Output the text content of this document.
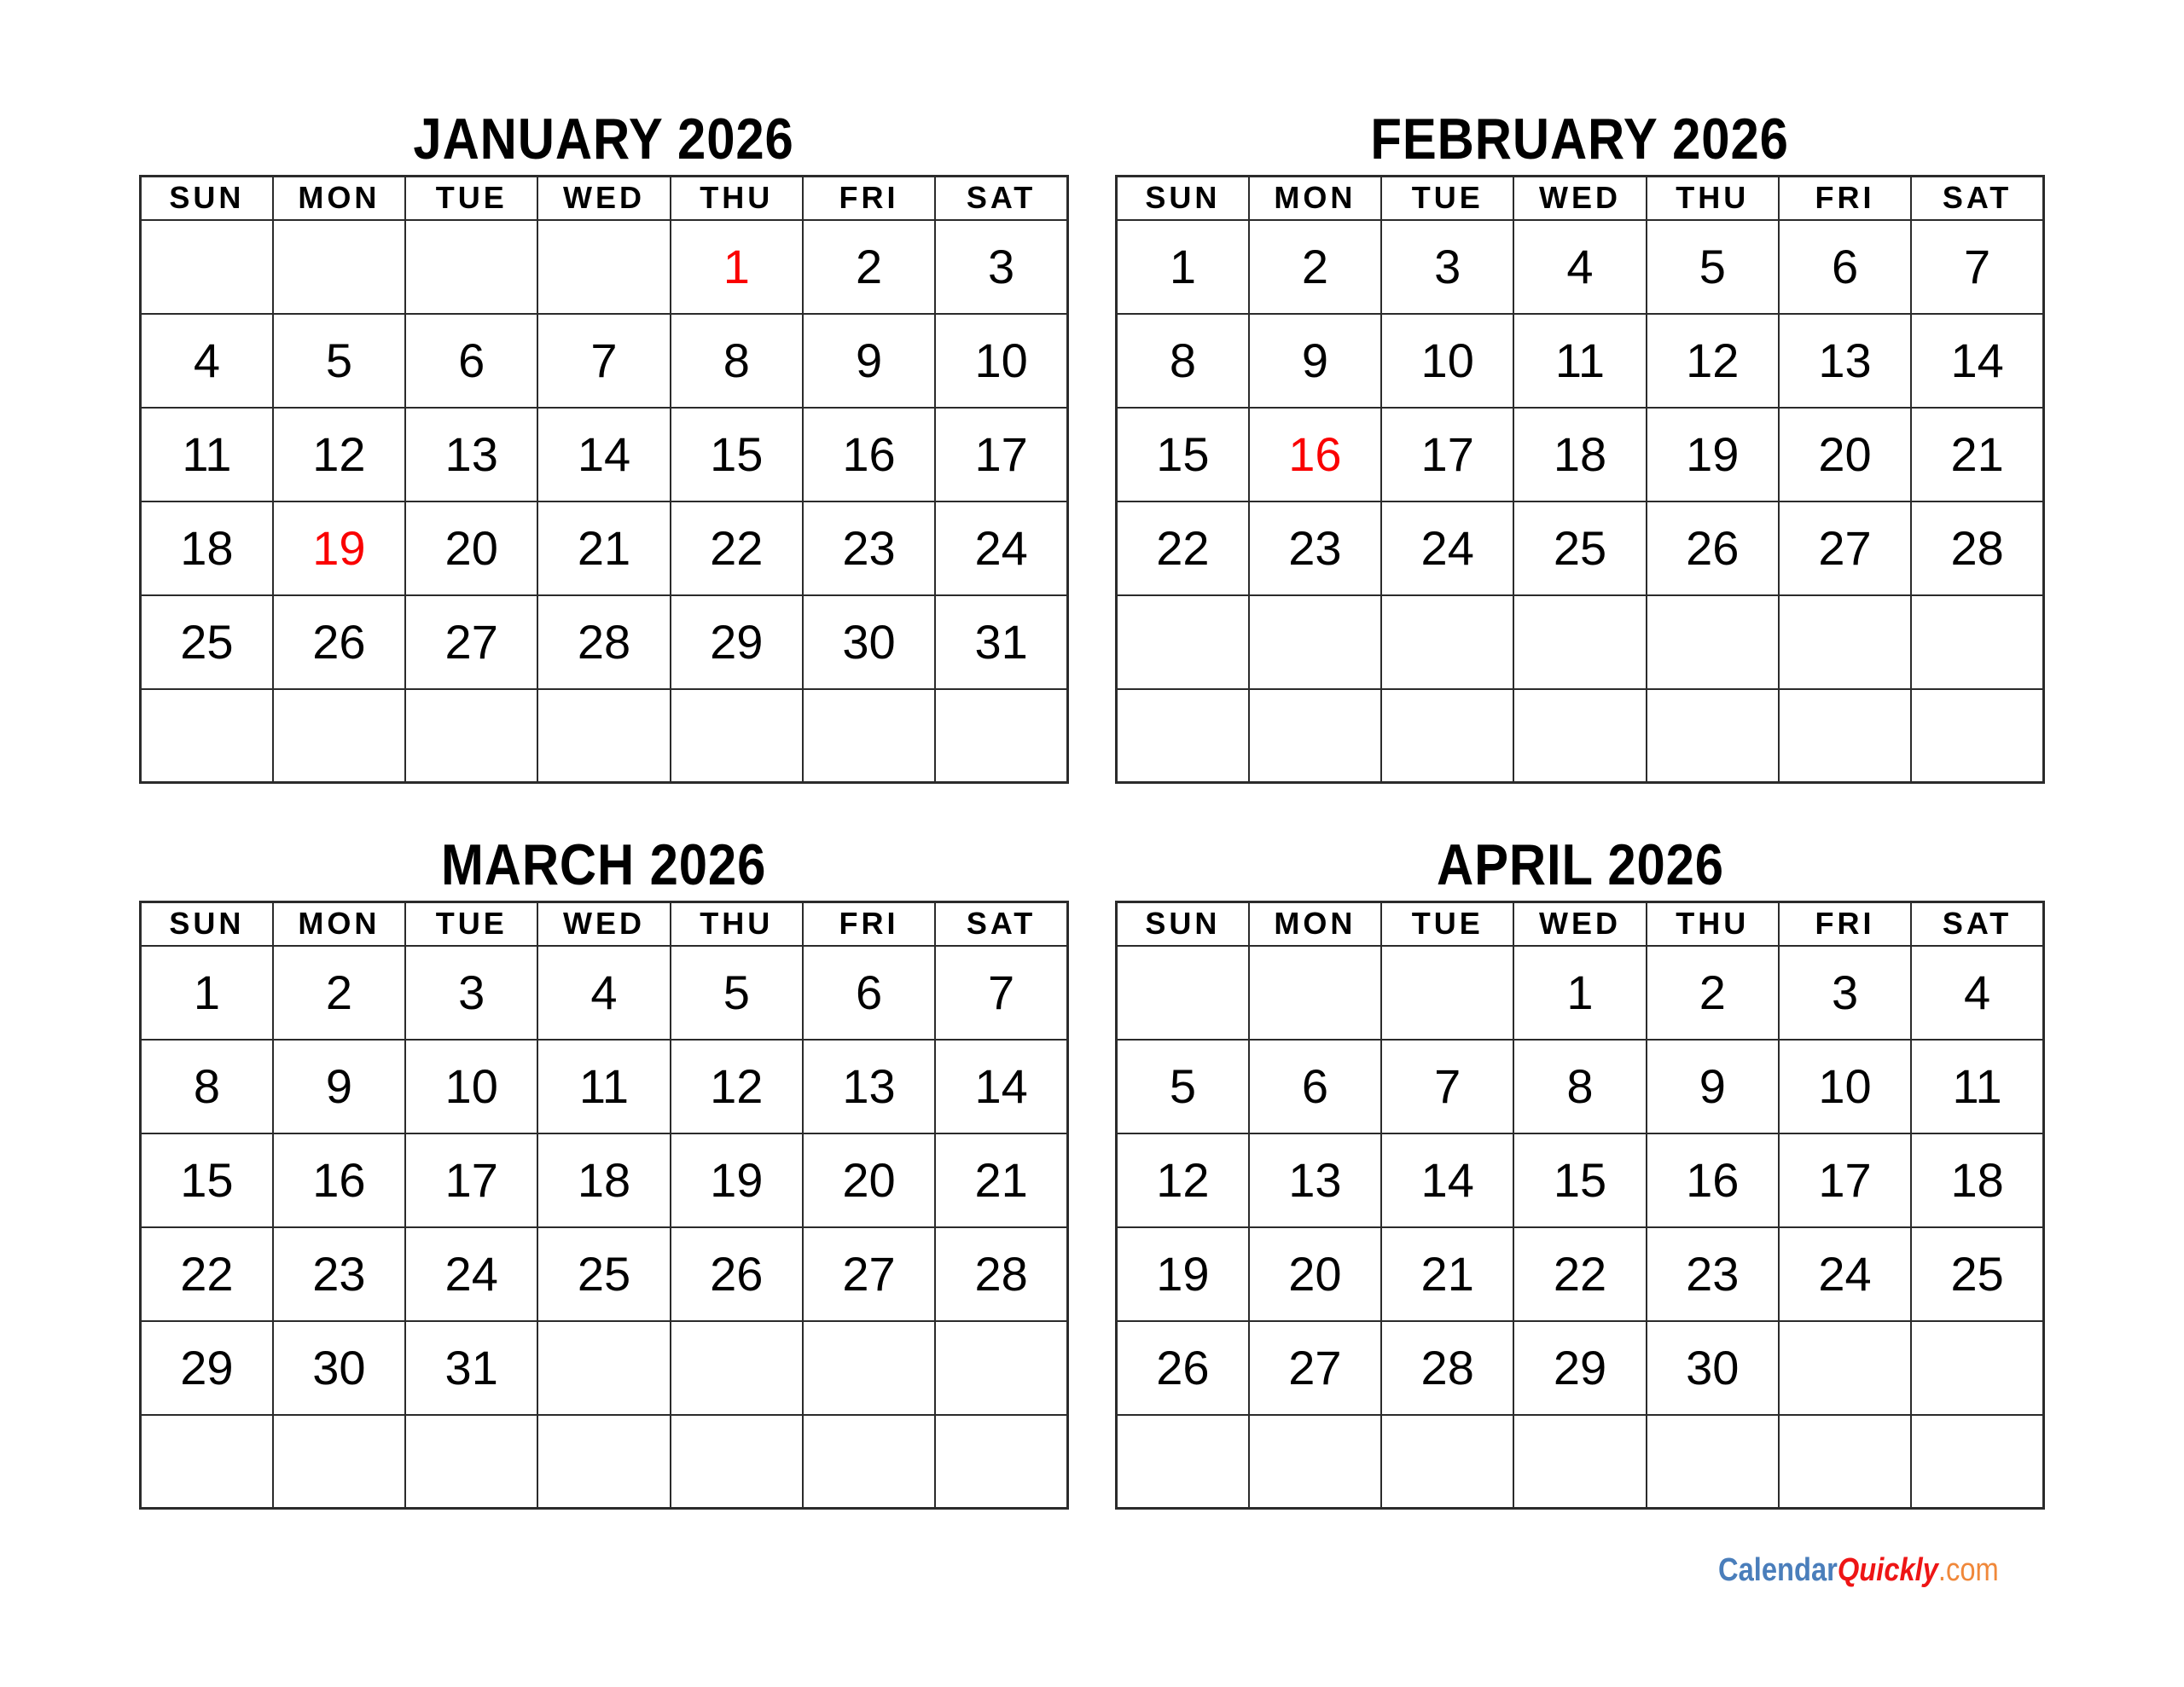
JANUARY 2026
SUN	MON	TUE	WED	THU	FRI	SAT
				1	2	3
4	5	6	7	8	9	10
11	12	13	14	15	16	17
18	19	20	21	22	23	24
25	26	27	28	29	30	31

FEBRUARY 2026
SUN	MON	TUE	WED	THU	FRI	SAT
1	2	3	4	5	6	7
8	9	10	11	12	13	14
15	16	17	18	19	20	21
22	23	24	25	26	27	28

MARCH 2026
SUN	MON	TUE	WED	THU	FRI	SAT
1	2	3	4	5	6	7
8	9	10	11	12	13	14
15	16	17	18	19	20	21
22	23	24	25	26	27	28
29	30	31				

APRIL 2026
SUN	MON	TUE	WED	THU	FRI	SAT
			1	2	3	4
5	6	7	8	9	10	11
12	13	14	15	16	17	18
19	20	21	22	23	24	25
26	27	28	29	30		

CalendarQuickly.com
